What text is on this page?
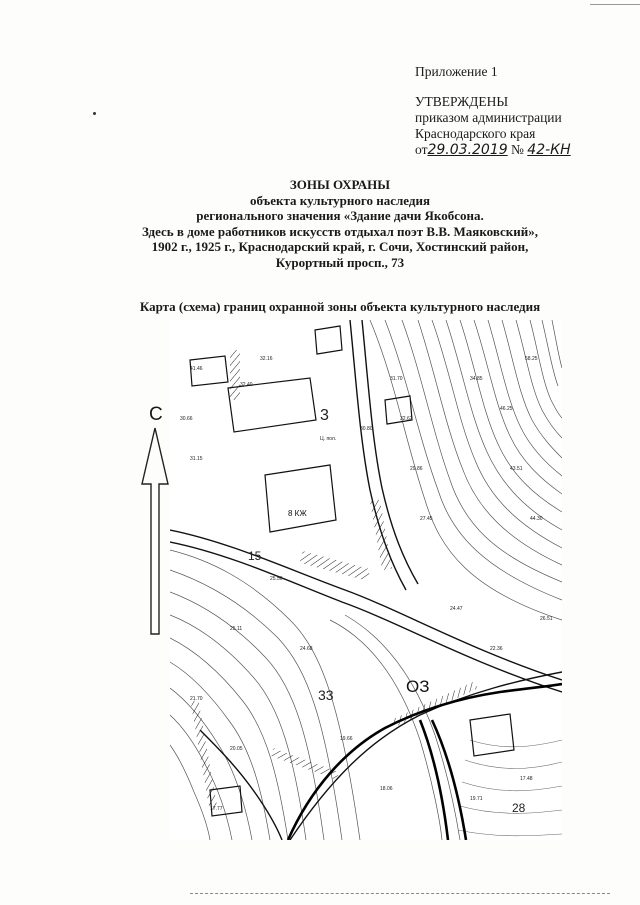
Приложение 1
УТВЕРЖДЕНЫ
приказом администрации
Краснодарского края
от29.03.2019 № 42-КН
ЗОНЫ ОХРАНЫ
объекта культурного наследия
регионального значения «Здание дачи Якобсона.
Здесь в доме работников искусств отдыхал поэт В.В. Маяковский»,
1902 г., 1925 г., Краснодарский край, г. Сочи, Хостинский район,
Курортный просп., 73
Карта (схема) границ охранной зоны объекта культурного наследия
С
41.46
32.16
32.40
30.66
31.15
31.70
32.62
29.86
27.45
34.85
46.25
58.25
43.51
44.30
25.56
25.11
24.68
21.70
20.05
19.66
18.06
22.36
19.71
17.48
17.77
24.47
26.51
30.80
Ц. пол.
ОЗ
8 КЖ
33
15
3
28
